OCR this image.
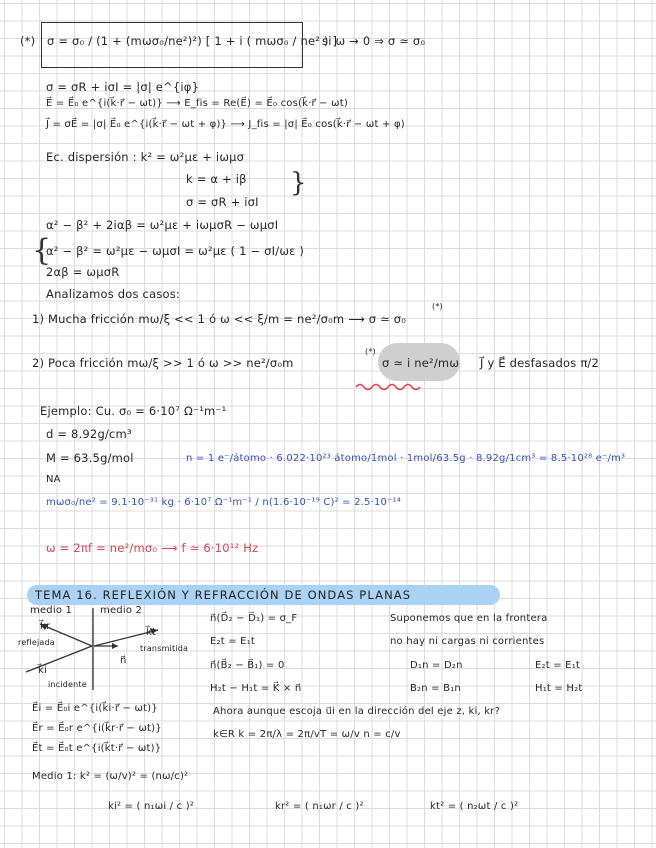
(*) σ = σ₀ / (1 + (mωσ₀/ne²)²) [ 1 + i ( mωσ₀ / ne² ) ]
si ω → 0 ⇒ σ ≃ σ₀
σ = σR + iσI = |σ| e^{iφ}
E⃗ = E⃗₀ e^{i(k⃗·r⃗ − ωt)} ⟶ E_fis = Re(E⃗) = E⃗₀ cos(k⃗·r⃗ − ωt)
J⃗ = σE⃗ = |σ| E⃗₀ e^{i(k⃗·r⃗ − ωt + φ)} ⟶ J_fis = |σ| E⃗₀ cos(k⃗·r⃗ − ωt + φ)
Ec. dispersión : k² = ω²με + iωμσ
k = α + iβ }
σ = σR + iσI
α² − β² + 2iαβ = ω²με + iωμσR − ωμσI
{
α² − β² = ω²με − ωμσI = ω²με ( 1 − σI/ωε )
2αβ = ωμσR
Analizamos dos casos:
1) Mucha fricción mω/ξ << 1 ó ω << ξ/m = ne²/σ₀m ⟶ σ ≃ σ₀
(*)
2) Poca fricción mω/ξ >> 1 ó ω >> ne²/σ₀m
(*)
σ ≃ i ne²/mω J⃗ y E⃗ desfasados π/2
Ejemplo: Cu. σ₀ = 6·10⁷ Ω⁻¹m⁻¹
d = 8.92g/cm³
M = 63.5g/mol	n = 1 e⁻/átomo · 6.022·10²³ átomo/1mol · 1mol/63.5g · 8.92g/1cm³ = 8.5·10²⁸ e⁻/m³
NA
mωσ₀/ne² = 9.1·10⁻³¹ kg · 6·10⁷ Ω⁻¹m⁻¹ / n(1.6·10⁻¹⁹ C)² = 2.5·10⁻¹⁴
ω = 2πf = ne²/mσ₀ ⟶ f ≃ 6·10¹² Hz
TEMA 16. REFLEXIÓN Y REFRACCIÓN DE ONDAS PLANAS
medio 1	medio 2
k⃗r
reflejada
k⃗t
transmitida
n⃗
k⃗i
incidente
n⃗(D⃗₂ − D⃗₁) = σ_F
E₂t = E₁t
n⃗(B⃗₂ − B⃗₁) = 0
H₂t − H₁t = K⃗ × n⃗
Suponemos que en la frontera
no hay ni cargas ni corrientes
D₁n = D₂n	E₂t = E₁t
B₂n = B₁n	H₁t = H₂t
E⃗i = E⃗₀i e^{i(k⃗i·r⃗ − ωt)}
E⃗r = E⃗₀r e^{i(k⃗r·r⃗ − ωt)}
E⃗t = E⃗₀t e^{i(k⃗t·r⃗ − ωt)}
Ahora aunque escoja u⃗i en la dirección del eje z, ki, kr?
k∈R k = 2π/λ = 2π/vT = ω/v n = c/v
Medio 1: k² = (ω/v)² = (nω/c)²
ki² = ( n₁ωi / c )²	kr² = ( n₁ωr / c )²	kt² = ( n₂ωt / c )²
